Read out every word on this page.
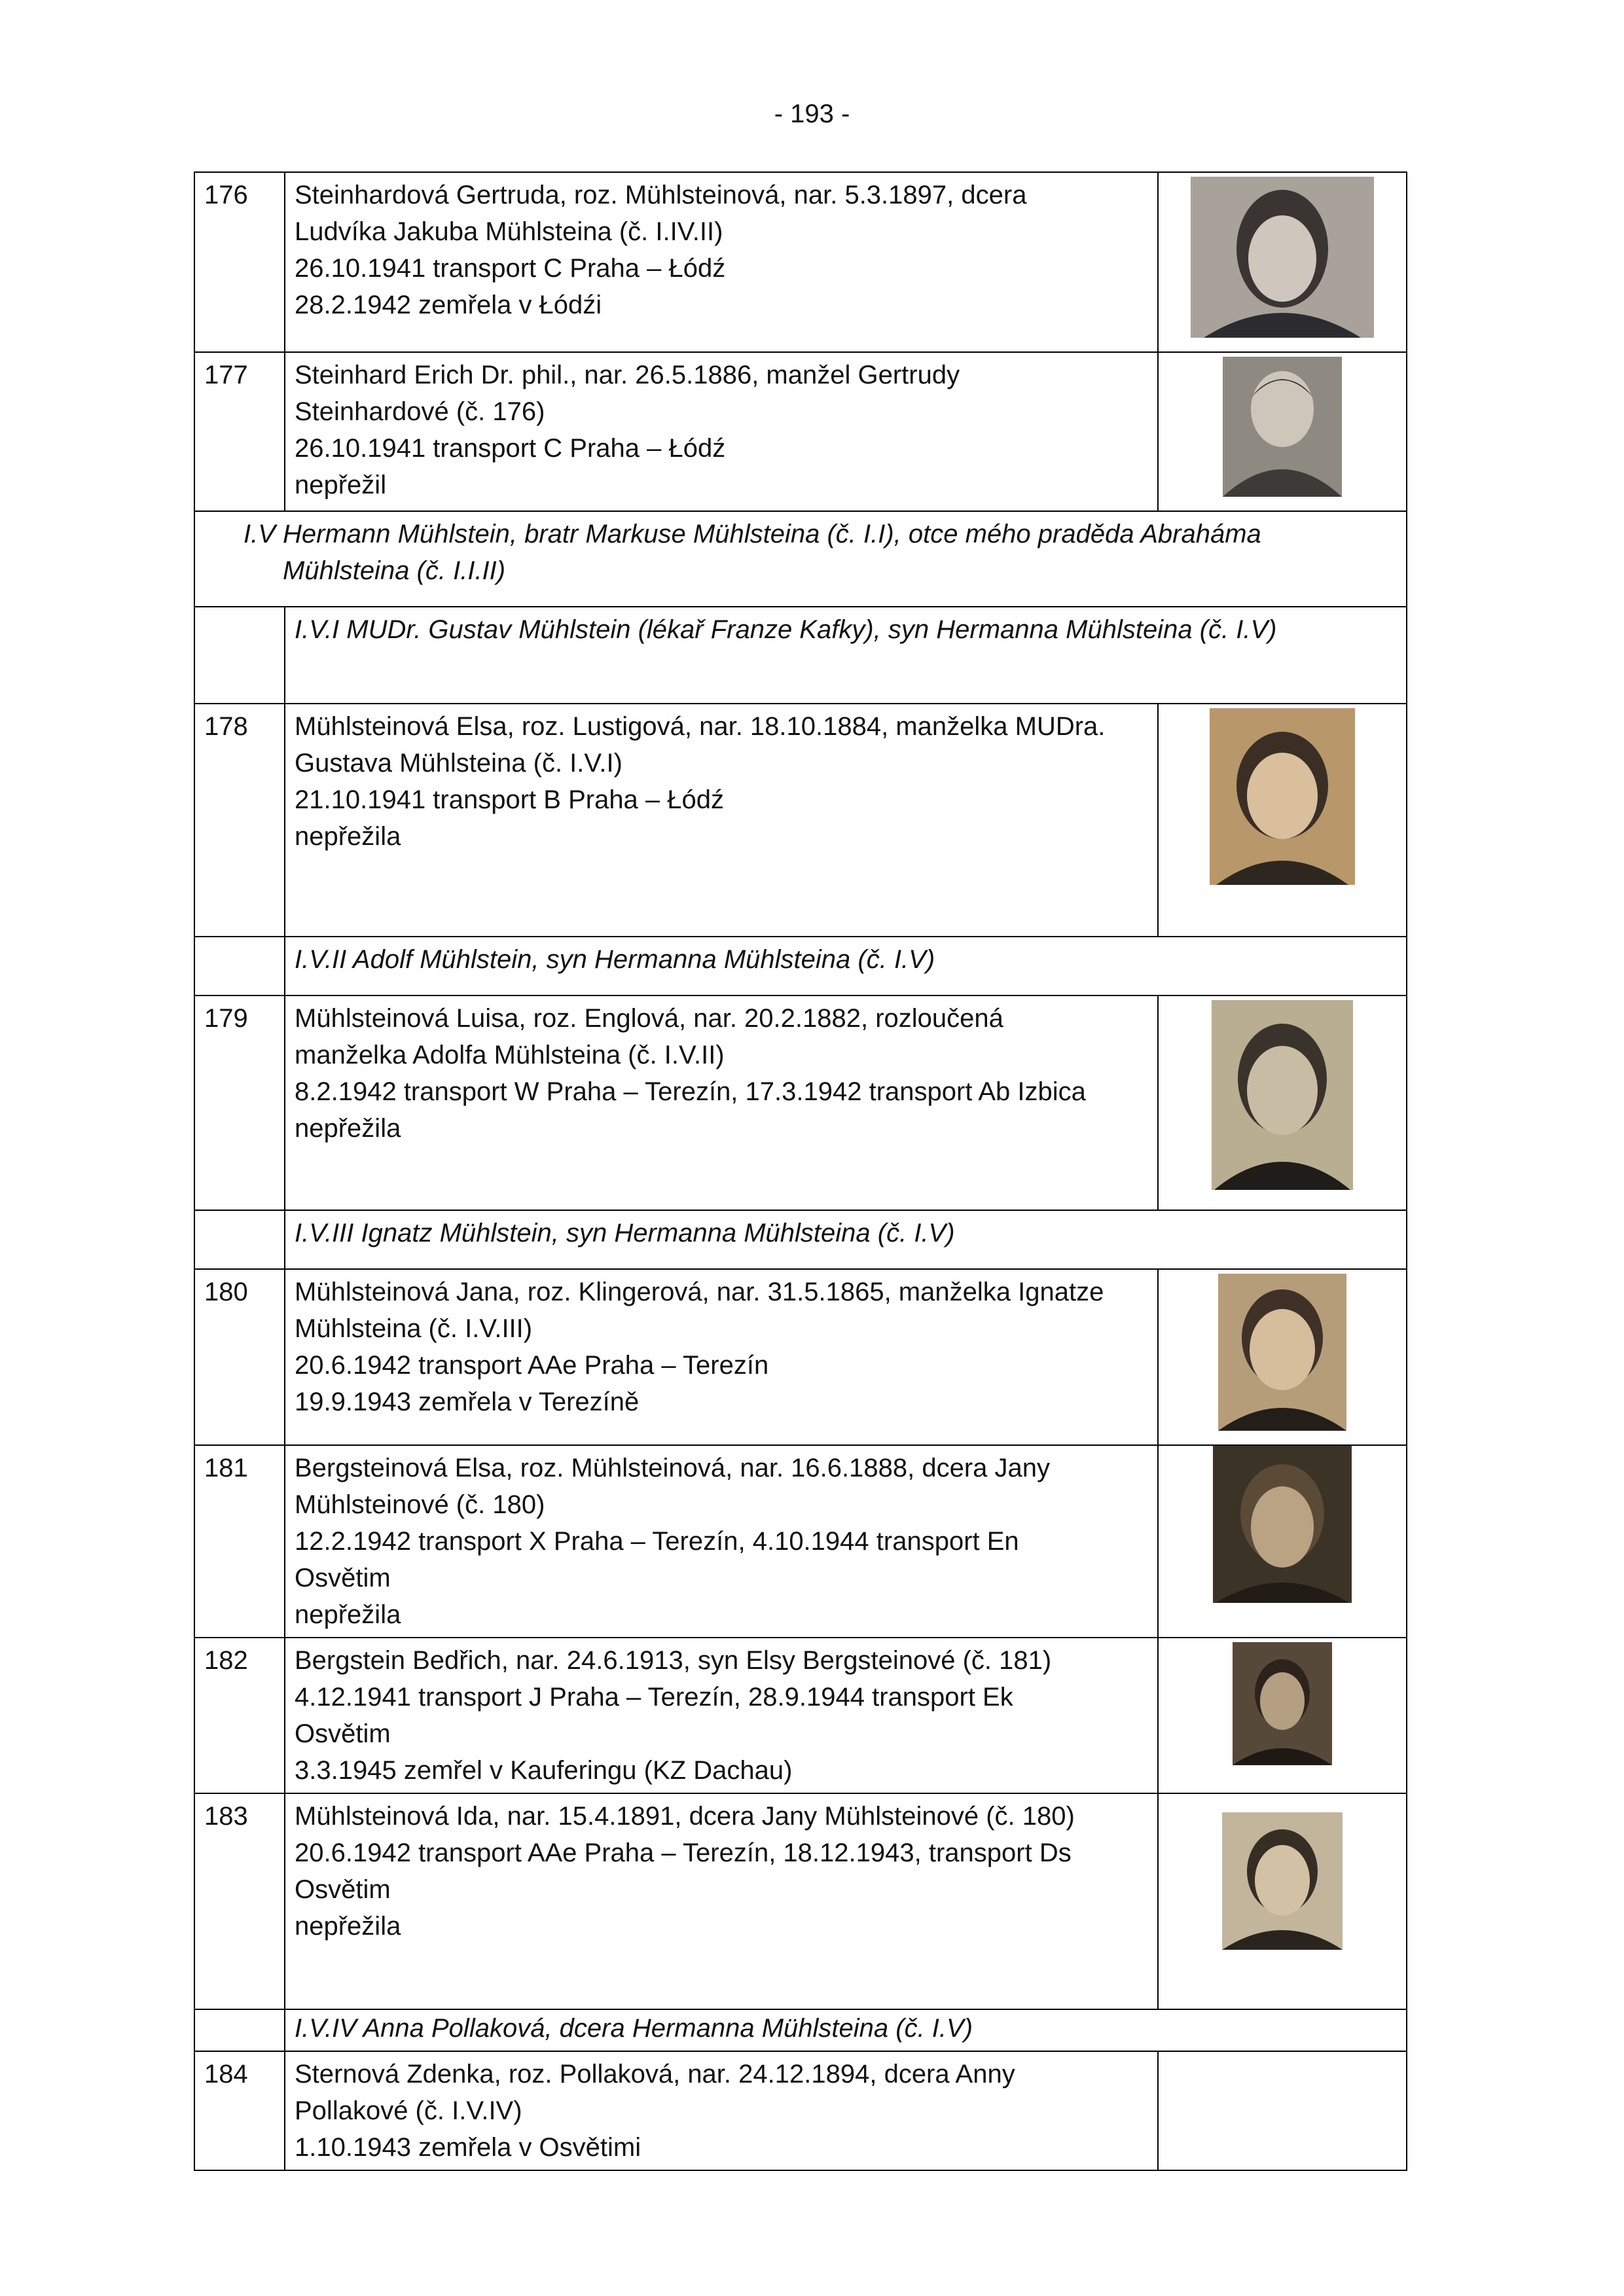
- 193 -
176	Steinhardová Gertruda, roz. Mühlsteinová, nar. 5.3.1897, dcera
Ludvíka Jakuba Mühlsteina (č. I.IV.II)
26.10.1941 transport C Praha – Łódź
28.2.1942 zemřela v Łódźi

177	Steinhard Erich Dr. phil., nar. 26.5.1886, manžel Gertrudy
Steinhardové (č. 176)
26.10.1941 transport C Praha – Łódź
nepřežil

I.V Hermann Mühlstein, bratr Markuse Mühlsteina (č. I.I), otce mého praděda Abraháma
Mühlsteina (č. I.I.II)		

	I.V.I MUDr. Gustav Mühlstein (lékař Franze Kafky), syn Hermanna Mühlsteina (č. I.V)	
178	Mühlsteinová Elsa, roz. Lustigová, nar. 18.10.1884, manželka MUDra.
Gustava Mühlsteina (č. I.V.I)
21.10.1941 transport B Praha – Łódź
nepřežila

	I.V.II Adolf Mühlstein, syn Hermanna Mühlsteina (č. I.V)	
179	Mühlsteinová Luisa, roz. Englová, nar. 20.2.1882, rozloučená
manželka Adolfa Mühlsteina (č. I.V.II)
8.2.1942 transport W Praha – Terezín, 17.3.1942 transport Ab Izbica
nepřežila

	I.V.III Ignatz Mühlstein, syn Hermanna Mühlsteina (č. I.V)	
180	Mühlsteinová Jana, roz. Klingerová, nar. 31.5.1865, manželka Ignatze
Mühlsteina (č. I.V.III)
20.6.1942 transport AAe Praha – Terezín
19.9.1943 zemřela v Terezíně

181	Bergsteinová Elsa, roz. Mühlsteinová, nar. 16.6.1888, dcera Jany
Mühlsteinové (č. 180)
12.2.1942 transport X Praha – Terezín, 4.10.1944 transport En
Osvětim
nepřežila

182	Bergstein Bedřich, nar. 24.6.1913, syn Elsy Bergsteinové (č. 181)
4.12.1941 transport J Praha – Terezín, 28.9.1944 transport Ek
Osvětim
3.3.1945 zemřel v Kauferingu (KZ Dachau)

183	Mühlsteinová Ida, nar. 15.4.1891, dcera Jany Mühlsteinové (č. 180)
20.6.1942 transport AAe Praha – Terezín, 18.12.1943, transport Ds
Osvětim
nepřežila

	I.V.IV Anna Pollaková, dcera Hermanna Mühlsteina (č. I.V)	
184	Sternová Zdenka, roz. Pollaková, nar. 24.12.1894, dcera Anny
Pollakové (č. I.V.IV)
1.10.1943 zemřela v Osvětimi	
